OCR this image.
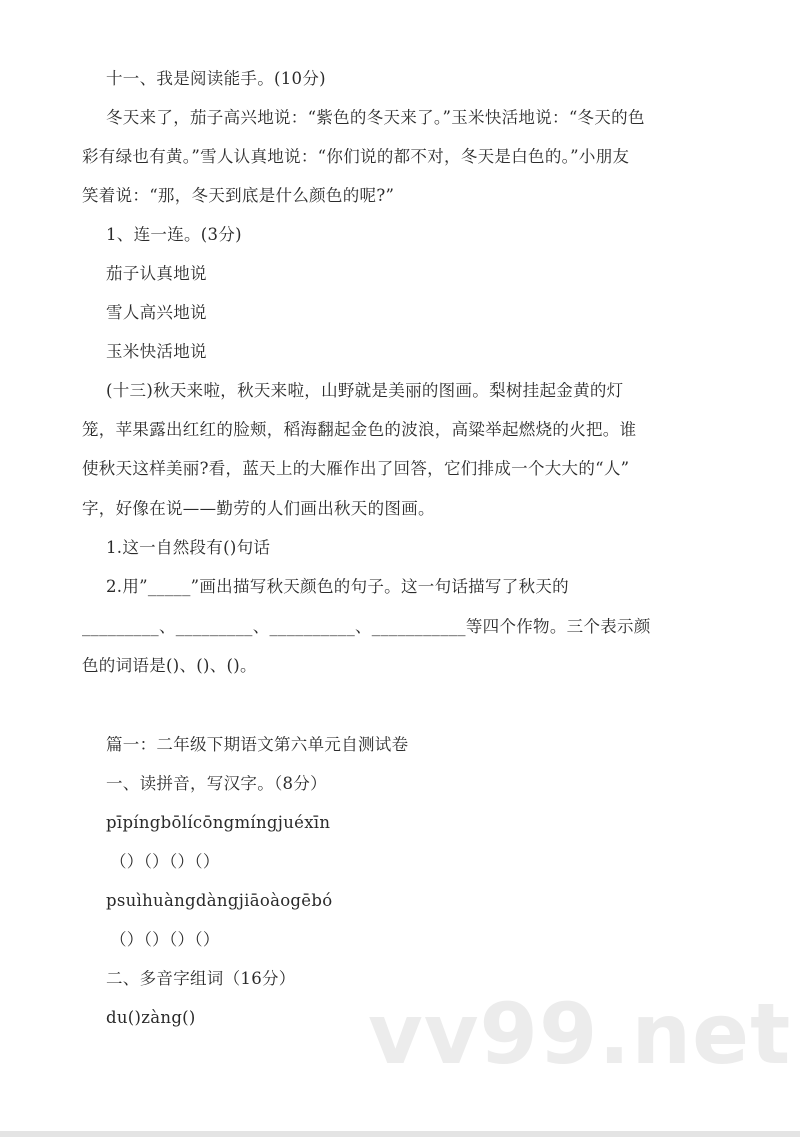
十一、我是阅读能手。(10分)
冬天来了，茄子高兴地说：“紫色的冬天来了。”玉米快活地说：“冬天的色
彩有绿也有黄。”雪人认真地说：“你们说的都不对，冬天是白色的。”小朋友
笑着说：“那，冬天到底是什么颜色的呢?”
1、连一连。(3分)
茄子认真地说
雪人高兴地说
玉米快活地说
(十三)秋天来啦，秋天来啦，山野就是美丽的图画。梨树挂起金黄的灯
笼，苹果露出红红的脸颊，稻海翻起金色的波浪，高粱举起燃烧的火把。谁
使秋天这样美丽?看，蓝天上的大雁作出了回答，它们排成一个大大的“人”
字，好像在说——勤劳的人们画出秋天的图画。
1.这一自然段有()句话
2.用”_____”画出描写秋天颜色的句子。这一句话描写了秋天的
_________、_________、__________、___________等四个作物。三个表示颜
色的词语是()、()、()。
篇一：二年级下期语文第六单元自测试卷
一、读拼音，写汉字。（8分）
pīpíngbōlícōngmíngjuéxīn
（）（）（）（）
psuìhuàngdàngjiāoàogēbó
（）（）（）（）
二、多音字组词（16分）
du()zàng() vv99.net
